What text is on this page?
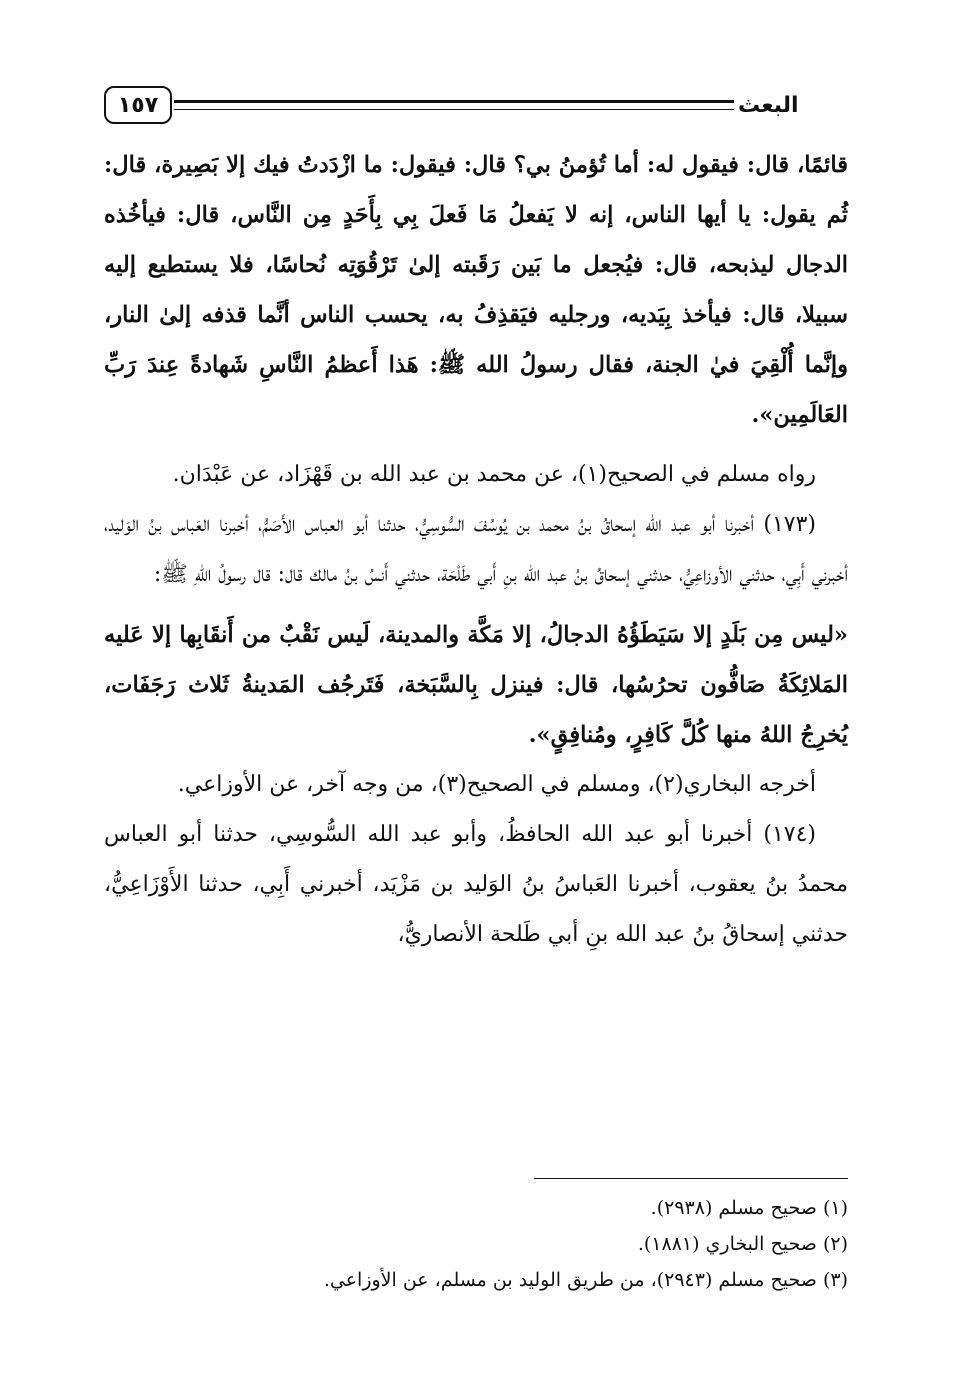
١٥٧	البعث

قائمًا، قال: فيقول له: أما تُؤمنُ بي؟ قال: فيقول: ما ازْدَدتُ فيك إلا بَصِيرة، قال: ثُم يقول: يا أيها الناس، إنه لا يَفعلُ مَا فَعلَ بِي بِأَحَدٍ مِن النَّاس، قال: فيأخُذه الدجال ليذبحه، قال: فيُجعل ما بَين رَقَبته إلىٰ تَرْقُوَتِه نُحاسًا، فلا يستطيع إليه سبيلا، قال: فيأخذ بِيَديه، ورجليه فيَقذِفُ به، يحسب الناس أنَّما قذفه إلىٰ النار، وإنَّما أُلْقِيَ فيٰ الجنة، فقال رسولُ الله ﷺ: هَذا أَعظمُ النَّاسِ شَهادةً عِندَ رَبِّ العَالَمِين».

رواه مسلم في الصحيح(١)، عن محمد بن عبد الله بن قَهْزَاد، عن عَبْدَان.

(١٧٣) أخبرنا أبو عبد الله إسحاقُ بنُ محمد بن يُوسُفَ السُّوسِيُّ، حدثنا أبو العباس الأَصَمُّ، أخبرنا العَباس بنُ الوَليد، أخبرني أَبِي، حدثني الأوزاعِيُّ، حدثني إسحاقُ بنُ عبد الله بنِ أَبي طَلْحَة، حدثني أَنسُ بنُ مالك قال: قال رسولُ اللهِ ﷺ:

«ليس مِن بَلَدٍ إلا سَيَطَؤُهُ الدجالُ، إلا مَكَّة والمدينة، لَيس نَقْبٌ من أَنقَابِها إلا عَليه المَلائِكَةُ صَافُّون تحرُسُها، قال: فينزل بِالسَّبَخة، فَتَرجُف المَدينةُ ثَلاث رَجَفَات، يُخرِجُ اللهُ منها كُلَّ كَافِرٍ، ومُنافِقٍ».

أخرجه البخاري(٢)، ومسلم في الصحيح(٣)، من وجه آخر، عن الأوزاعي.

(١٧٤) أخبرنا أبو عبد الله الحافظُ، وأبو عبد الله السُّوسِي، حدثنا أبو العباس محمدُ بنُ يعقوب، أخبرنا العَباسُ بنُ الوَليد بن مَزْيَد، أخبرني أَبِي، حدثنا الأَوْزَاعِيُّ، حدثني إسحاقُ بنُ عبد الله بنِ أبي طَلحة الأنصاريُّ،

(١) صحيح مسلم (٢٩٣٨).

(٢) صحيح البخاري (١٨٨١).

(٣) صحيح مسلم (٢٩٤٣)، من طريق الوليد بن مسلم، عن الأوزاعي.
